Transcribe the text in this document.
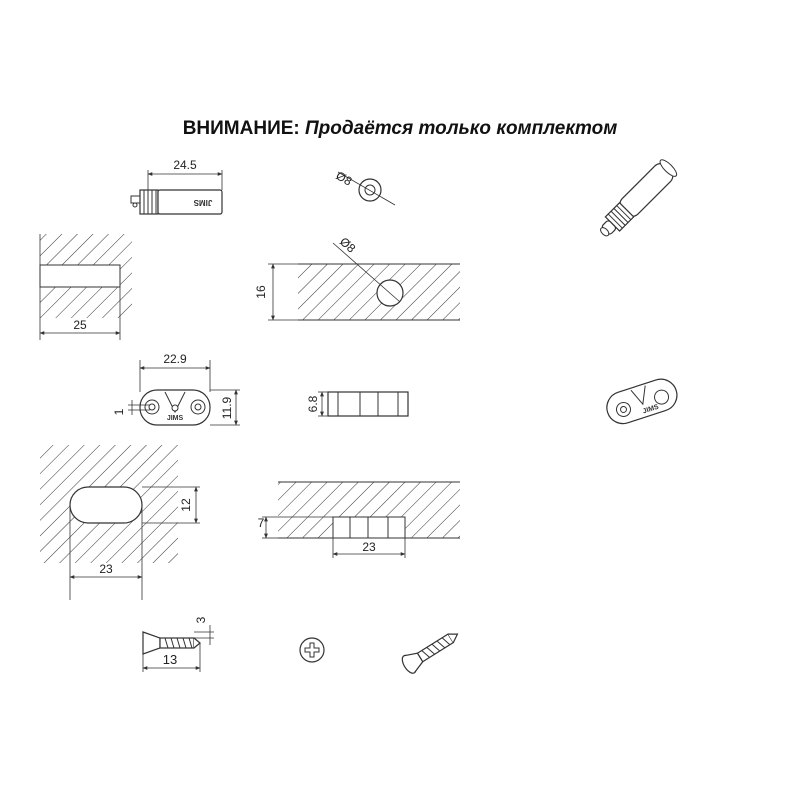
ВНИМАНИЕ: Продаётся только комплектом
24.5
JIMS
Ø8
25
Ø8
16
22.9
JIMS	11.9
1	6.8	JIMS
12
23
7
23
13
3
